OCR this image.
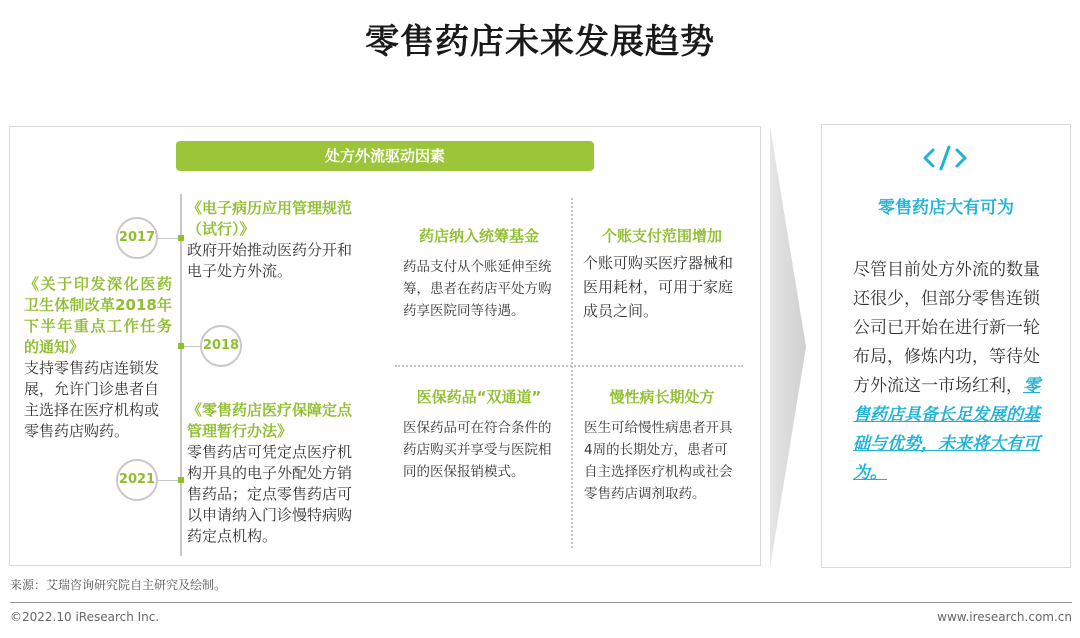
零售药店未来发展趋势
处方外流驱动因素
《关于印发深化医药卫生体制改革2018年下半年重点工作任务的通知》
支持零售药店连锁发展，允许门诊患者自主选择在医疗机构或零售药店购药。
2017
2018
2021
《电子病历应用管理规范（试行）》
政府开始推动医药分开和电子处方外流。
《零售药店医疗保障定点管理暂行办法》
零售药店可凭定点医疗机构开具的电子外配处方销售药品；定点零售药店可以申请纳入门诊慢特病购药定点机构。
药店纳入统筹基金
药品支付从个账延伸至统筹，患者在药店平处方购药享医院同等待遇。
个账支付范围增加
个账可购买医疗器械和医用耗材，可用于家庭成员之间。
医保药品“双通道”
医保药品可在符合条件的药店购买并享受与医院相同的医保报销模式。
慢性病长期处方
医生可给慢性病患者开具4周的长期处方，患者可自主选择医疗机构或社会零售药店调剂取药。
零售药店大有可为
尽管目前处方外流的数量还很少，但部分零售连锁公司已开始在进行新一轮布局，修炼内功，等待处方外流这一市场红利，零售药店具备长足发展的基础与优势，未来将大有可为。
来源：艾瑞咨询研究院自主研究及绘制。
©2022.10 iResearch Inc.	www.iresearch.com.cn
